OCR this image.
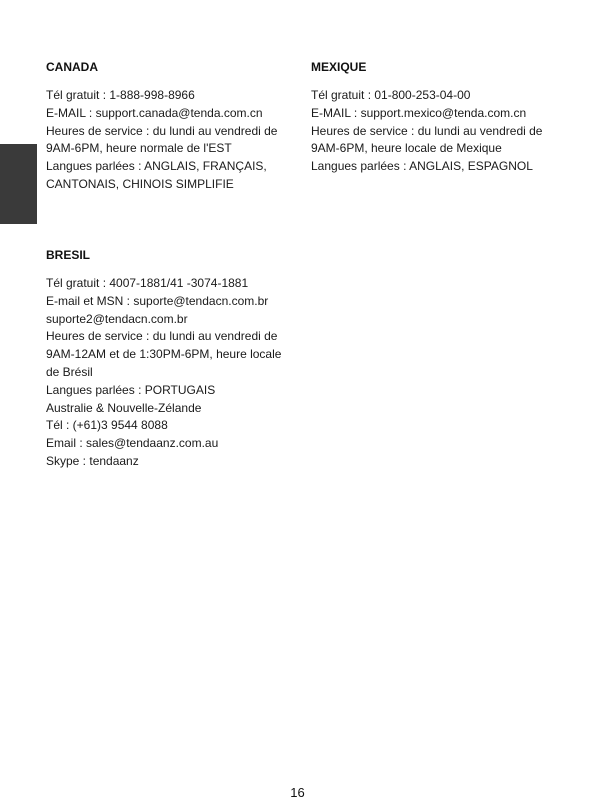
CANADA
Tél gratuit : 1-888-998-8966
E-MAIL : support.canada@tenda.com.cn
Heures de service : du lundi au vendredi de
9AM-6PM, heure normale de l'EST
Langues parlées : ANGLAIS, FRANÇAIS,
CANTONAIS, CHINOIS SIMPLIFIE
MEXIQUE
Tél gratuit : 01-800-253-04-00
E-MAIL : support.mexico@tenda.com.cn
Heures de service : du lundi au vendredi de
9AM-6PM, heure locale de Mexique
Langues parlées : ANGLAIS, ESPAGNOL
BRESIL
Tél gratuit : 4007-1881/41 -3074-1881
E-mail et MSN : suporte@tendacn.com.br
suporte2@tendacn.com.br
Heures de service : du lundi au vendredi de
9AM-12AM et de 1:30PM-6PM, heure locale
de Brésil
Langues parlées : PORTUGAIS
Australie & Nouvelle-Zélande
Tél : (+61)3 9544 8088
Email : sales@tendaanz.com.au
Skype : tendaanz
16
